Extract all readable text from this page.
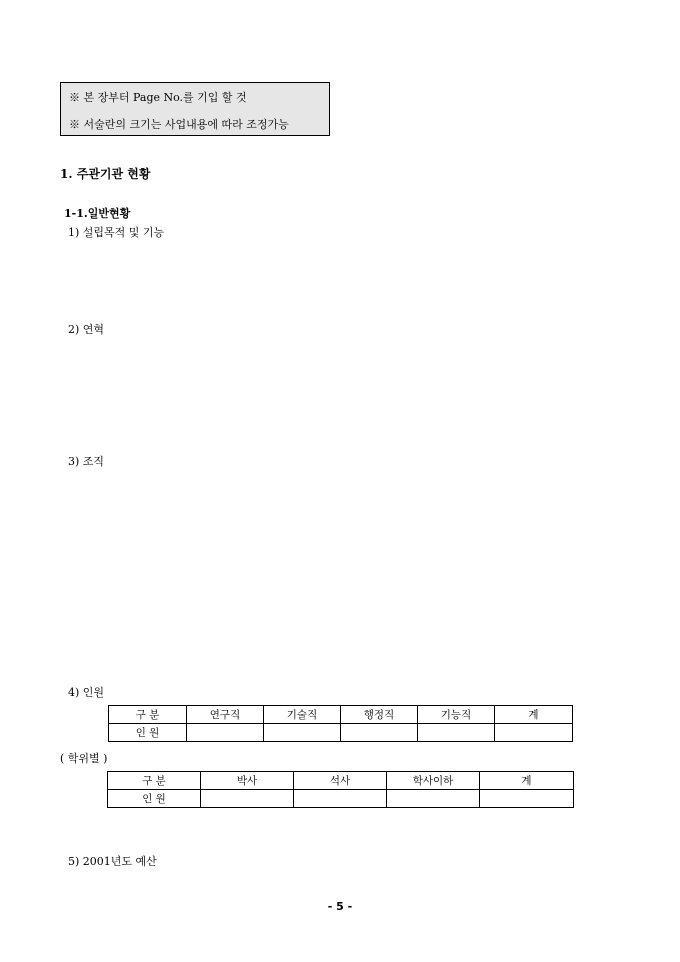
※ 본 장부터 Page No.를 기입 할 것
※ 서술란의 크기는 사업내용에 따라 조정가능
1. 주관기관 현황
1-1.일반현황
1) 설립목적 및 기능
2) 연혁
3) 조직
4) 인원
구 분	연구직	기술직	행정직	기능직	계
인 원					
( 학위별 )
구 분	박사	석사	학사이하	계
인 원				
5) 2001년도 예산
- 5 -
